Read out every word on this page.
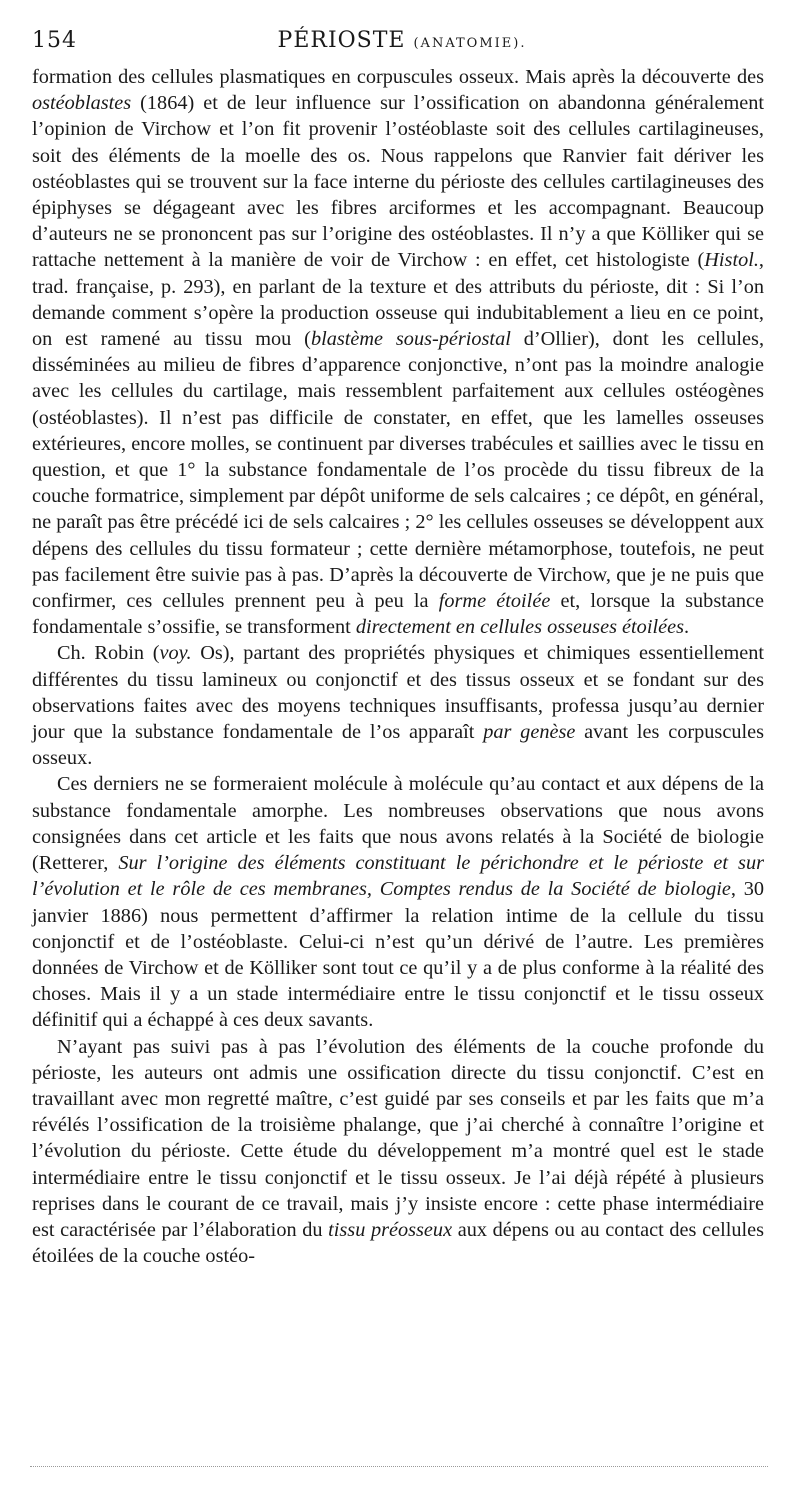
154	PÉRIOSTE (ANATOMIE).

formation des cellules plasmatiques en corpuscules osseux. Mais après la découverte des ostéoblastes (1864) et de leur influence sur l’ossification on abandonna généralement l’opinion de Virchow et l’on fit provenir l’ostéoblaste soit des cellules cartilagineuses, soit des éléments de la moelle des os. Nous rappelons que Ranvier fait dériver les ostéoblastes qui se trouvent sur la face interne du périoste des cellules cartilagineuses des épiphyses se dégageant avec les fibres arciformes et les accompagnant. Beaucoup d’auteurs ne se prononcent pas sur l’origine des ostéoblastes. Il n’y a que Kölliker qui se rattache nettement à la manière de voir de Virchow : en effet, cet histologiste (Histol., trad. française, p. 293), en parlant de la texture et des attributs du périoste, dit : Si l’on demande comment s’opère la production osseuse qui indubitablement a lieu en ce point, on est ramené au tissu mou (blastème sous-périostal d’Ollier), dont les cellules, disséminées au milieu de fibres d’apparence conjonctive, n’ont pas la moindre analogie avec les cellules du cartilage, mais ressemblent parfaitement aux cellules ostéogènes (ostéoblastes). Il n’est pas difficile de constater, en effet, que les lamelles osseuses extérieures, encore molles, se continuent par diverses trabécules et saillies avec le tissu en question, et que 1° la substance fondamentale de l’os procède du tissu fibreux de la couche formatrice, simplement par dépôt uniforme de sels calcaires ; ce dépôt, en général, ne paraît pas être précédé ici de sels calcaires ; 2° les cellules osseuses se développent aux dépens des cellules du tissu formateur ; cette dernière métamorphose, toutefois, ne peut pas facilement être suivie pas à pas. D’après la découverte de Virchow, que je ne puis que confirmer, ces cellules prennent peu à peu la forme étoilée et, lorsque la substance fondamentale s’ossifie, se transforment directement en cellules osseuses étoilées.

Ch. Robin (voy. Os), partant des propriétés physiques et chimiques essentiellement différentes du tissu lamineux ou conjonctif et des tissus osseux et se fondant sur des observations faites avec des moyens techniques insuffisants, professa jusqu’au dernier jour que la substance fondamentale de l’os apparaît par genèse avant les corpuscules osseux.

Ces derniers ne se formeraient molécule à molécule qu’au contact et aux dépens de la substance fondamentale amorphe. Les nombreuses observations que nous avons consignées dans cet article et les faits que nous avons relatés à la Société de biologie (Retterer, Sur l’origine des éléments constituant le périchondre et le périoste et sur l’évolution et le rôle de ces membranes, Comptes rendus de la Société de biologie, 30 janvier 1886) nous permettent d’affirmer la relation intime de la cellule du tissu conjonctif et de l’ostéoblaste. Celui-ci n’est qu’un dérivé de l’autre. Les premières données de Virchow et de Kölliker sont tout ce qu’il y a de plus conforme à la réalité des choses. Mais il y a un stade intermédiaire entre le tissu conjonctif et le tissu osseux définitif qui a échappé à ces deux savants.

N’ayant pas suivi pas à pas l’évolution des éléments de la couche profonde du périoste, les auteurs ont admis une ossification directe du tissu conjonctif. C’est en travaillant avec mon regretté maître, c’est guidé par ses conseils et par les faits que m’a révélés l’ossification de la troisième phalange, que j’ai cherché à connaître l’origine et l’évolution du périoste. Cette étude du développement m’a montré quel est le stade intermédiaire entre le tissu conjonctif et le tissu osseux. Je l’ai déjà répété à plusieurs reprises dans le courant de ce travail, mais j’y insiste encore : cette phase intermédiaire est caractérisée par l’élaboration du tissu préosseux aux dépens ou au contact des cellules étoilées de la couche ostéo-
